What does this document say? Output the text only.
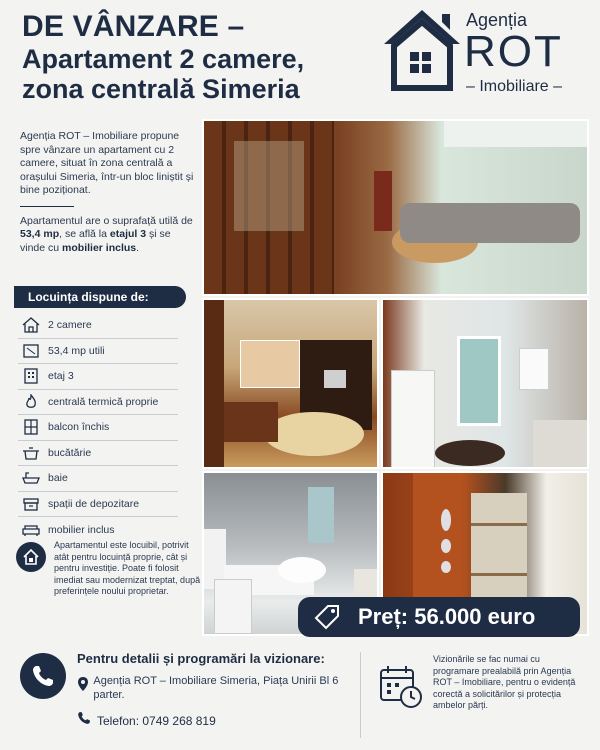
DE VÂNZARE –
Apartament 2 camere,
zona centrală Simeria
Agenția
ROT
– Imobiliare –

Agenția ROT – Imobiliare propune spre vânzare un apartament cu 2 camere, situat în zona centrală a orașului Simeria, într-un bloc liniștit și bine poziționat.

Apartamentul are o suprafață utilă de 53,4 mp, se află la etajul 3 și se vinde cu mobilier inclus.

Locuința dispune de:
2 camere
53,4 mp utili
etaj 3
centrală termică proprie
balcon închis
bucătărie
baie
spații de depozitare
mobilier inclus

Apartamentul este locuibil, potrivit atât pentru locuință proprie, cât și pentru investiție. Poate fi folosit imediat sau modernizat treptat, după preferințele noului proprietar.

Preț: 56.000 euro
Pentru detalii și programări la vizionare:
Agenția ROT – Imobiliare Simeria, Piața Unirii Bl 6 parter.
Telefon: 0749 268 819

Vizionările se fac numai cu programare prealabilă prin Agenția ROT – Imobiliare, pentru o evidență corectă a solicitărilor și protecția ambelor părți.
